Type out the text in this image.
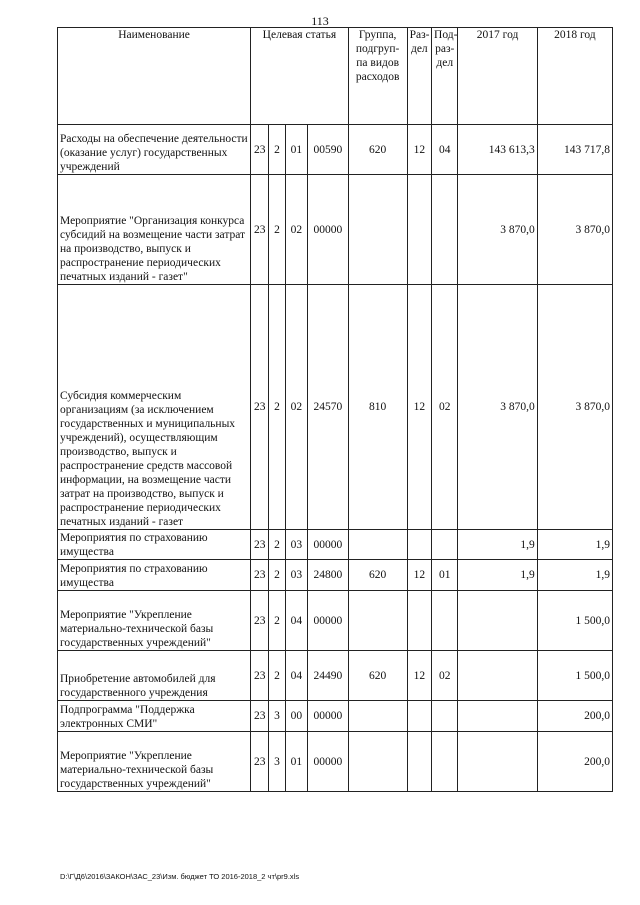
113
Наименование	Целевая статья				Группа, подгруп-па видов расходов	Раз-дел	Под-раз-дел	2017 год	2018 год
Расходы на обеспечение деятельности (оказание услуг) государственных учреждений	23	2	01	00590	620	12	04	143 613,3	143 717,8
Мероприятие "Организация конкурса субсидий на возмещение части затрат на производство, выпуск и распространение периодических печатных изданий - газет"	23	2	02	00000				3 870,0	3 870,0
Субсидия коммерческим организациям (за исключением государственных и муниципальных учреждений), осуществляющим производство, выпуск и распространение средств массовой информации, на возмещение части затрат на производство, выпуск и распространение периодических печатных изданий - газет	23	2	02	24570	810	12	02	3 870,0	3 870,0
Мероприятия по страхованию имущества	23	2	03	00000				1,9	1,9
Мероприятия по страхованию имущества	23	2	03	24800	620	12	01	1,9	1,9
Мероприятие "Укрепление материально-технической базы государственных учреждений"	23	2	04	00000					1 500,0
Приобретение автомобилей для государственного учреждения	23	2	04	24490	620	12	02		1 500,0
Подпрограмма "Поддержка электронных СМИ"	23	3	00	00000					200,0
Мероприятие "Укрепление материально-технической базы государственных учреждений"	23	3	01	00000					200,0
D:\Г\Д6\2016\ЗАКОН\ЗАС_23\Изм. бюджет ТО 2016-2018_2 чт\pr9.xls
